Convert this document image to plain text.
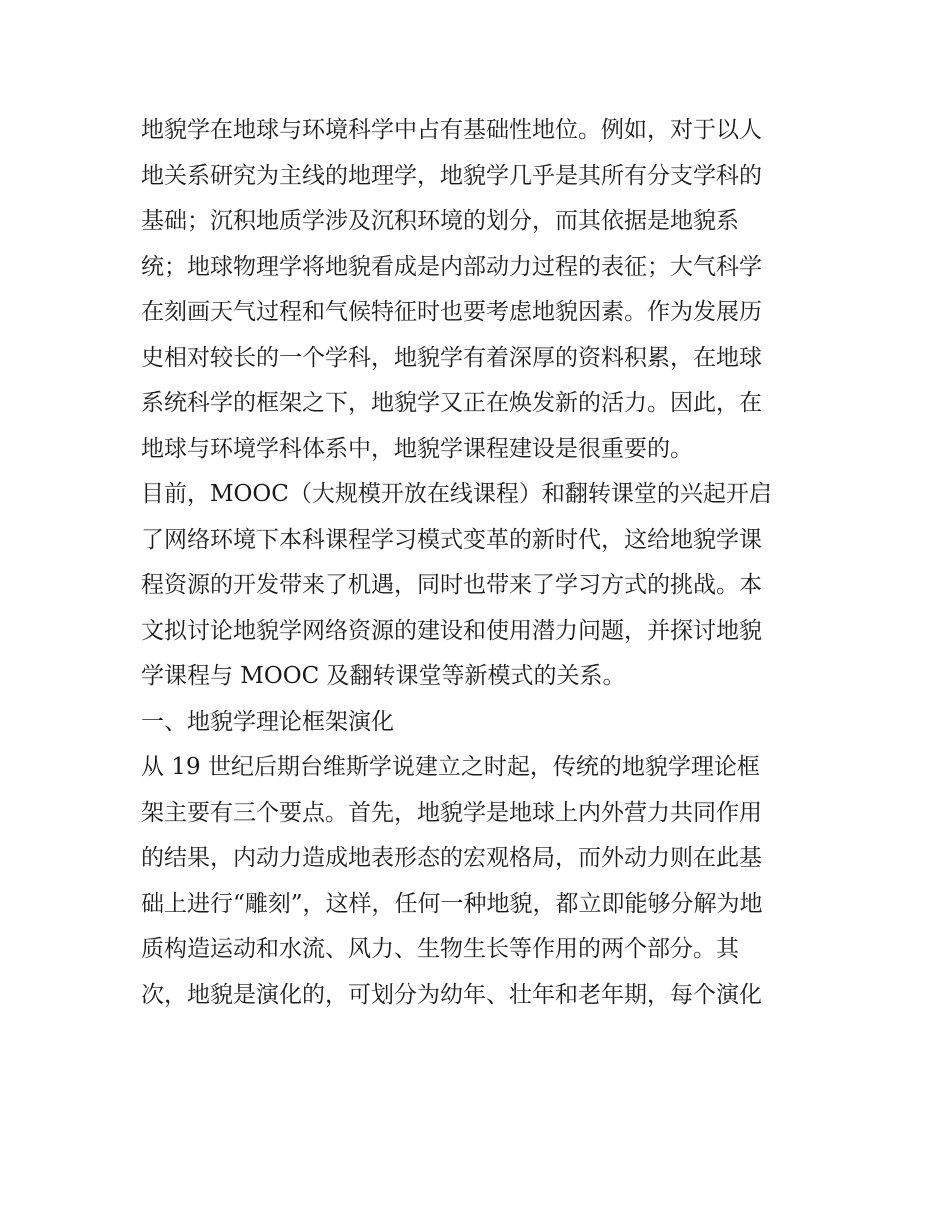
地貌学在地球与环境科学中占有基础性地位。例如，对于以人
地关系研究为主线的地理学，地貌学几乎是其所有分支学科的
基础；沉积地质学涉及沉积环境的划分，而其依据是地貌系
统；地球物理学将地貌看成是内部动力过程的表征；大气科学
在刻画天气过程和气候特征时也要考虑地貌因素。作为发展历
史相对较长的一个学科，地貌学有着深厚的资料积累，在地球
系统科学的框架之下，地貌学又正在焕发新的活力。因此，在
地球与环境学科体系中，地貌学课程建设是很重要的。
目前，MOOC（大规模开放在线课程）和翻转课堂的兴起开启
了网络环境下本科课程学习模式变革的新时代，这给地貌学课
程资源的开发带来了机遇，同时也带来了学习方式的挑战。本
文拟讨论地貌学网络资源的建设和使用潜力问题，并探讨地貌
学课程与 MOOC 及翻转课堂等新模式的关系。
一、地貌学理论框架演化
从 19 世纪后期台维斯学说建立之时起，传统的地貌学理论框
架主要有三个要点。首先，地貌学是地球上内外营力共同作用
的结果，内动力造成地表形态的宏观格局，而外动力则在此基
础上进行“雕刻”，这样，任何一种地貌，都立即能够分解为地
质构造运动和水流、风力、生物生长等作用的两个部分。其
次，地貌是演化的，可划分为幼年、壮年和老年期，每个演化
